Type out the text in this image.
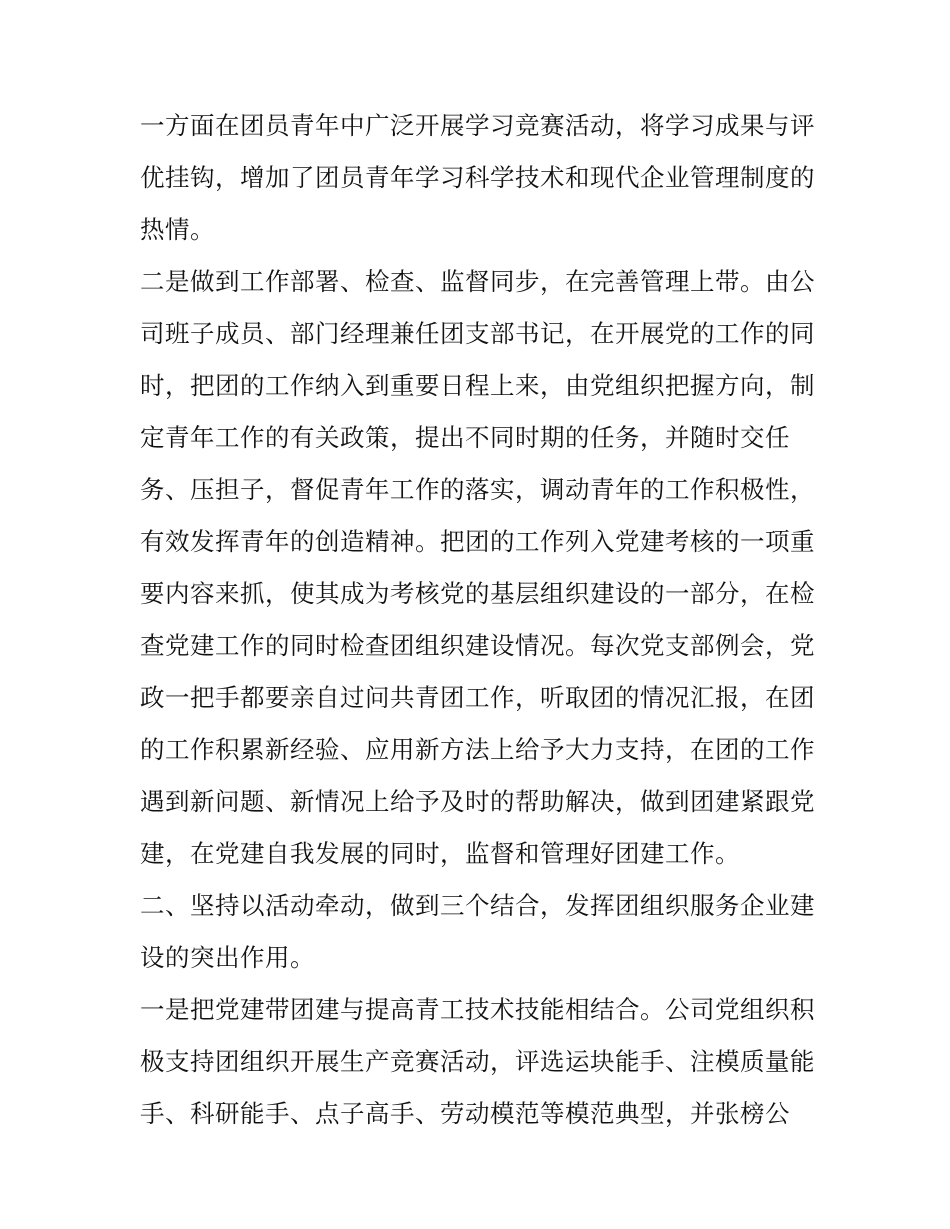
一方面在团员青年中广泛开展学习竞赛活动，将学习成果与评
优挂钩，增加了团员青年学习科学技术和现代企业管理制度的
热情。
二是做到工作部署、检查、监督同步，在完善管理上带。由公
司班子成员、部门经理兼任团支部书记，在开展党的工作的同
时，把团的工作纳入到重要日程上来，由党组织把握方向，制
定青年工作的有关政策，提出不同时期的任务，并随时交任
务、压担子，督促青年工作的落实，调动青年的工作积极性，
有效发挥青年的创造精神。把团的工作列入党建考核的一项重
要内容来抓，使其成为考核党的基层组织建设的一部分，在检
查党建工作的同时检查团组织建设情况。每次党支部例会，党
政一把手都要亲自过问共青团工作，听取团的情况汇报，在团
的工作积累新经验、应用新方法上给予大力支持，在团的工作
遇到新问题、新情况上给予及时的帮助解决，做到团建紧跟党
建，在党建自我发展的同时，监督和管理好团建工作。
二、坚持以活动牵动，做到三个结合，发挥团组织服务企业建
设的突出作用。
一是把党建带团建与提高青工技术技能相结合。公司党组织积
极支持团组织开展生产竞赛活动，评选运块能手、注模质量能
手、科研能手、点子高手、劳动模范等模范典型，并张榜公
